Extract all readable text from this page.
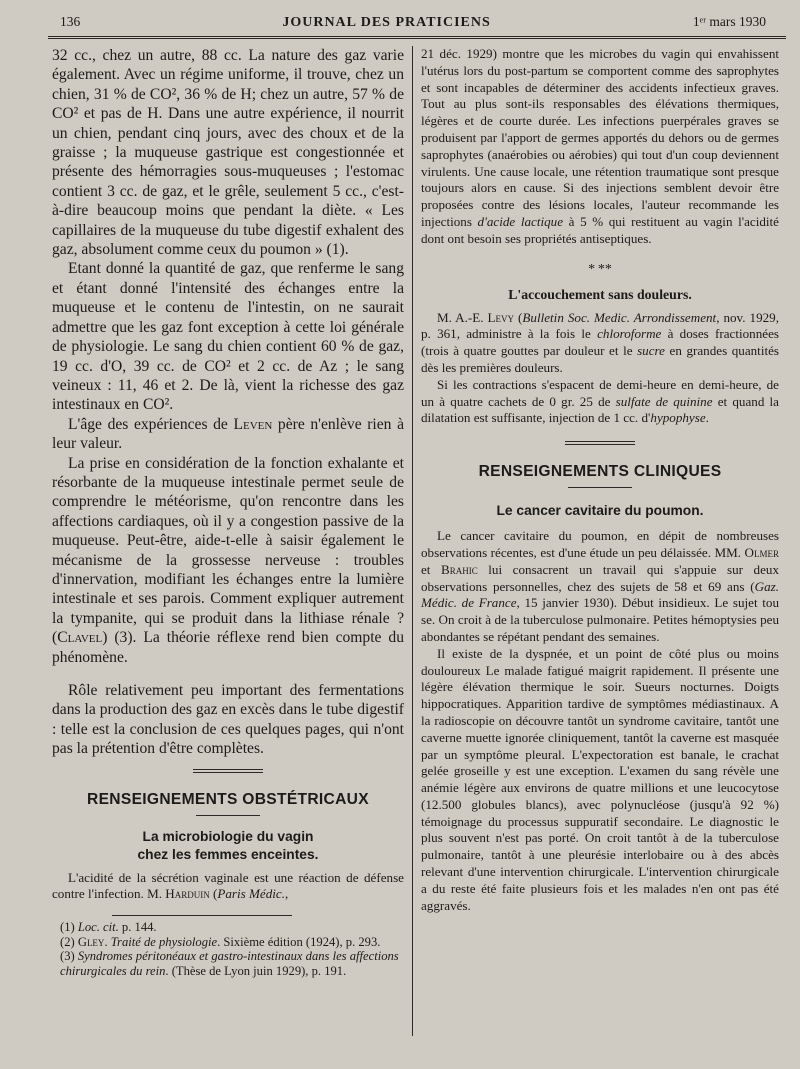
136	JOURNAL DES PRATICIENS	1ᵉʳ mars 1930

32 cc., chez un autre, 88 cc. La nature des gaz varie également. Avec un régime uniforme, il trouve, chez un chien, 31 % de CO², 36 % de H; chez un autre, 57 % de CO² et pas de H. Dans une autre expérience, il nourrit un chien, pendant cinq jours, avec des choux et de la graisse ; la muqueuse gastrique est congestionnée et présente des hémorragies sous-muqueuses ; l'estomac contient 3 cc. de gaz, et le grêle, seulement 5 cc., c'est-à-dire beaucoup moins que pendant la diète. « Les capillaires de la muqueuse du tube digestif exhalent des gaz, absolument comme ceux du poumon » (1).

Etant donné la quantité de gaz, que renferme le sang et étant donné l'intensité des échanges entre la muqueuse et le contenu de l'intestin, on ne saurait admettre que les gaz font exception à cette loi générale de physiologie. Le sang du chien contient 60 % de gaz, 19 cc. d'O, 39 cc. de CO² et 2 cc. de Az ; le sang veineux : 11, 46 et 2. De là, vient la richesse des gaz intestinaux en CO².

L'âge des expériences de Leven père n'enlève rien à leur valeur.

La prise en considération de la fonction exhalante et résorbante de la muqueuse intestinale permet seule de comprendre le météorisme, qu'on rencontre dans les affections cardiaques, où il y a congestion passive de la muqueuse. Peut-être, aide-t-elle à saisir également le mécanisme de la grossesse nerveuse : troubles d'innervation, modifiant les échanges entre la lumière intestinale et ses parois. Comment expliquer autrement la tympanite, qui se produit dans la lithiase rénale ? (Clavel) (3). La théorie réflexe rend bien compte du phénomène.

Rôle relativement peu important des fermentations dans la production des gaz en excès dans le tube digestif : telle est la conclusion de ces quelques pages, qui n'ont pas la prétention d'être complètes.

RENSEIGNEMENTS OBSTÉTRICAUX
La microbiologie du vagin
chez les femmes enceintes.

L'acidité de la sécrétion vaginale est une réaction de défense contre l'infection. M. Harduin (Paris Médic.,

(1) Loc. cit. p. 144.

(2) Gley. Traité de physiologie. Sixième édition (1924), p. 293.

(3) Syndromes péritonéaux et gastro-intestinaux dans les affections chirurgicales du rein. (Thèse de Lyon juin 1929), p. 191.

21 déc. 1929) montre que les microbes du vagin qui envahissent l'utérus lors du post-partum se comportent comme des saprophytes et sont incapables de déterminer des accidents infectieux graves. Tout au plus sont-ils responsables des élévations thermiques, légères et de courte durée. Les infections puerpérales graves se produisent par l'apport de germes apportés du dehors ou de germes saprophytes (anaérobies ou aérobies) qui tout d'un coup deviennent virulents. Une cause locale, une rétention traumatique sont presque toujours alors en cause. Si des injections semblent devoir être proposées contre des lésions locales, l'auteur recommande les injections d'acide lactique à 5 % qui restituent au vagin l'acidité dont ont besoin ses propriétés antiseptiques.

* **
L'accouchement sans douleurs.

M. A.-E. Levy (Bulletin Soc. Medic. Arrondissement, nov. 1929, p. 361, administre à la fois le chloroforme à doses fractionnées (trois à quatre gouttes par douleur et le sucre en grandes quantités dès les premières douleurs.

Si les contractions s'espacent de demi-heure en demi-heure, de un à quatre cachets de 0 gr. 25 de sulfate de quinine et quand la dilatation est suffisante, injection de 1 cc. d'hypophyse.

RENSEIGNEMENTS CLINIQUES
Le cancer cavitaire du poumon.

Le cancer cavitaire du poumon, en dépit de nombreuses observations récentes, est d'une étude un peu délaissée. MM. Olmer et Brahic lui consacrent un travail qui s'appuie sur deux observations personnelles, chez des sujets de 58 et 69 ans (Gaz. Médic. de France, 15 janvier 1930). Début insidieux. Le sujet tou se. On croit à de la tuberculose pulmonaire. Petites hémoptysies peu abondantes se répétant pendant des semaines.

Il existe de la dyspnée, et un point de côté plus ou moins douloureux Le malade fatigué maigrit rapidement. Il présente une légère élévation thermique le soir. Sueurs nocturnes. Doigts hippocratiques. Apparition tardive de symptômes médiastinaux. A la radioscopie on découvre tantôt un syndrome cavitaire, tantôt une caverne muette ignorée cliniquement, tantôt la caverne est masquée par un symptôme pleural. L'expectoration est banale, le crachat gelée groseille y est une exception. L'examen du sang révèle une anémie légère aux environs de quatre millions et une leucocytose (12.500 globules blancs), avec polynucléose (jusqu'à 92 %) témoignage du processus suppuratif secondaire. Le diagnostic le plus souvent n'est pas porté. On croit tantôt à de la tuberculose pulmonaire, tantôt à une pleurésie interlobaire ou à des abcès relevant d'une intervention chirurgicale. L'intervention chirurgicale a du reste été faite plusieurs fois et les malades n'en ont pas été aggravés.
